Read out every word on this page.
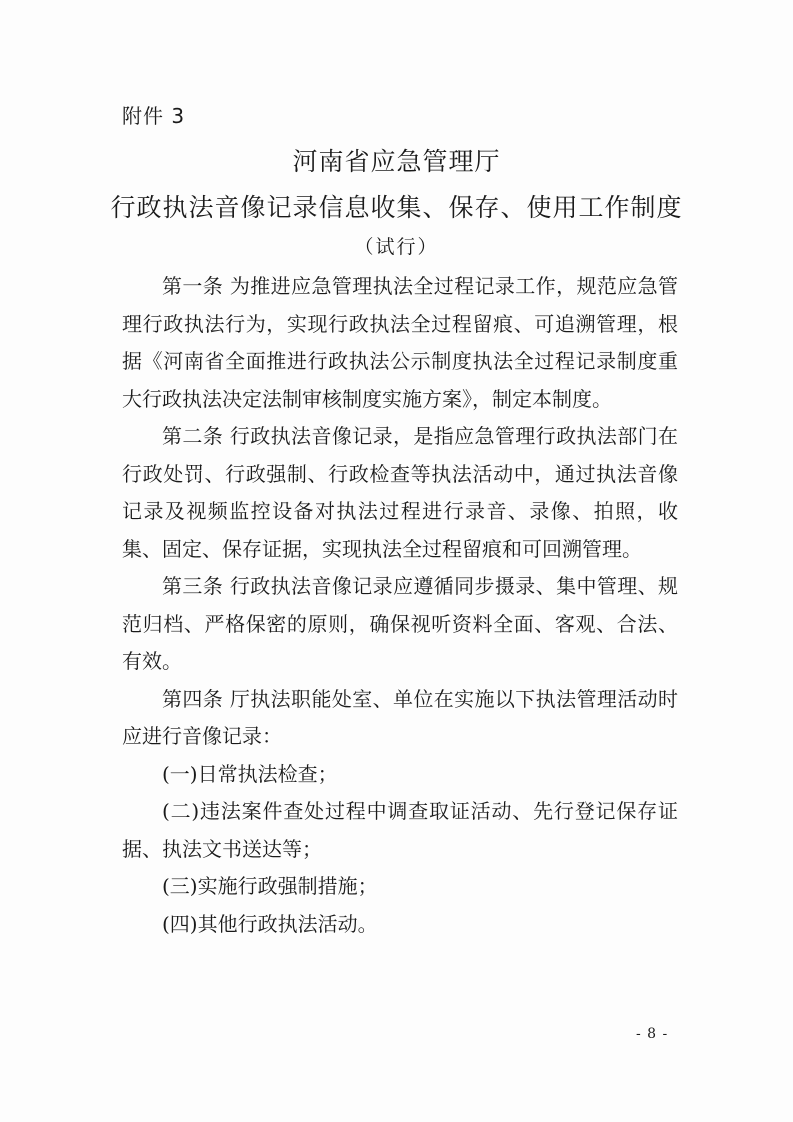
附件 3
河南省应急管理厅
行政执法音像记录信息收集、保存、使用工作制度
（试行）

第一条 为推进应急管理执法全过程记录工作，规范应急管理行政执法行为，实现行政执法全过程留痕、可追溯管理，根据《河南省全面推进行政执法公示制度执法全过程记录制度重大行政执法决定法制审核制度实施方案》，制定本制度。

第二条 行政执法音像记录，是指应急管理行政执法部门在行政处罚、行政强制、行政检查等执法活动中，通过执法音像记录及视频监控设备对执法过程进行录音、录像、拍照，收集、固定、保存证据，实现执法全过程留痕和可回溯管理。

第三条 行政执法音像记录应遵循同步摄录、集中管理、规范归档、严格保密的原则，确保视听资料全面、客观、合法、有效。

第四条 厅执法职能处室、单位在实施以下执法管理活动时应进行音像记录：

(一)日常执法检查；

(二)违法案件查处过程中调查取证活动、先行登记保存证据、执法文书送达等；

(三)实施行政强制措施；

(四)其他行政执法活动。

- 8 -
